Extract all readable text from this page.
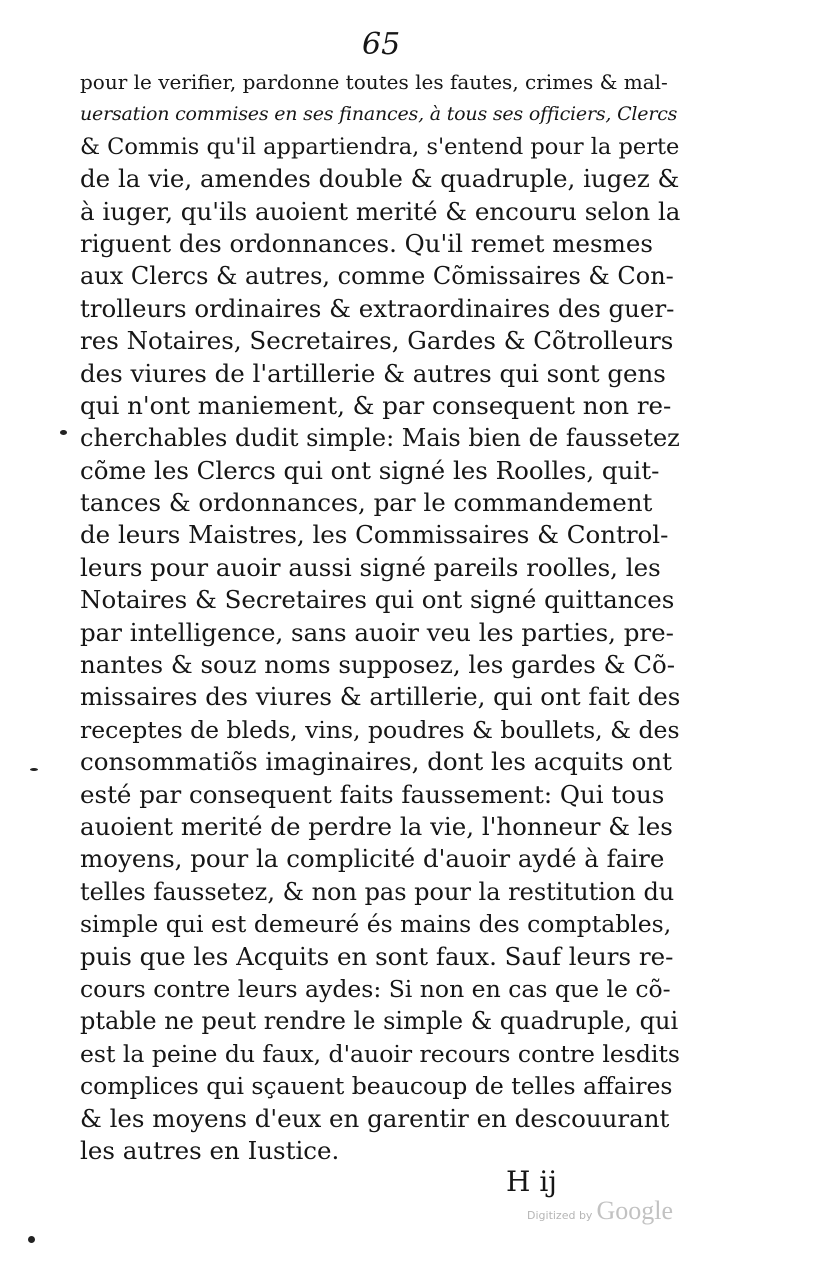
65
pour le verifier, pardonne toutes les fautes, crimes & mal-
uersation commises en ses finances, à tous ses officiers, Clercs
& Commis qu'il appartiendra, s'entend pour la perte
de la vie, amendes double & quadruple, iugez &
à iuger, qu'ils auoient merité & encouru selon la
riguent des ordonnances. Qu'il remet mesmes
aux Clercs & autres, comme Cõmissaires & Con-
trolleurs ordinaires & extraordinaires des guer-
res Notaires, Secretaires, Gardes & Cõtrolleurs
des viures de l'artillerie & autres qui sont gens
qui n'ont maniement, & par consequent non re-
cherchables dudit simple: Mais bien de faussetez
cõme les Clercs qui ont signé les Roolles, quit-
tances & ordonnances, par le commandement
de leurs Maistres, les Commissaires & Control-
leurs pour auoir aussi signé pareils roolles, les
Notaires & Secretaires qui ont signé quittances
par intelligence, sans auoir veu les parties, pre-
nantes & souz noms supposez, les gardes & Cõ-
missaires des viures & artillerie, qui ont fait des
receptes de bleds, vins, poudres & boullets, & des
consommatiõs imaginaires, dont les acquits ont
esté par consequent faits faussement: Qui tous
auoient merité de perdre la vie, l'honneur & les
moyens, pour la complicité d'auoir aydé à faire
telles faussetez, & non pas pour la restitution du
simple qui est demeuré és mains des comptables,
puis que les Acquits en sont faux. Sauf leurs re-
cours contre leurs aydes: Si non en cas que le cõ-
ptable ne peut rendre le simple & quadruple, qui
est la peine du faux, d'auoir recours contre lesdits
complices qui sçauent beaucoup de telles affaires
& les moyens d'eux en garentir en descouurant
les autres en Iustice.
H ij
Digitized by Google
